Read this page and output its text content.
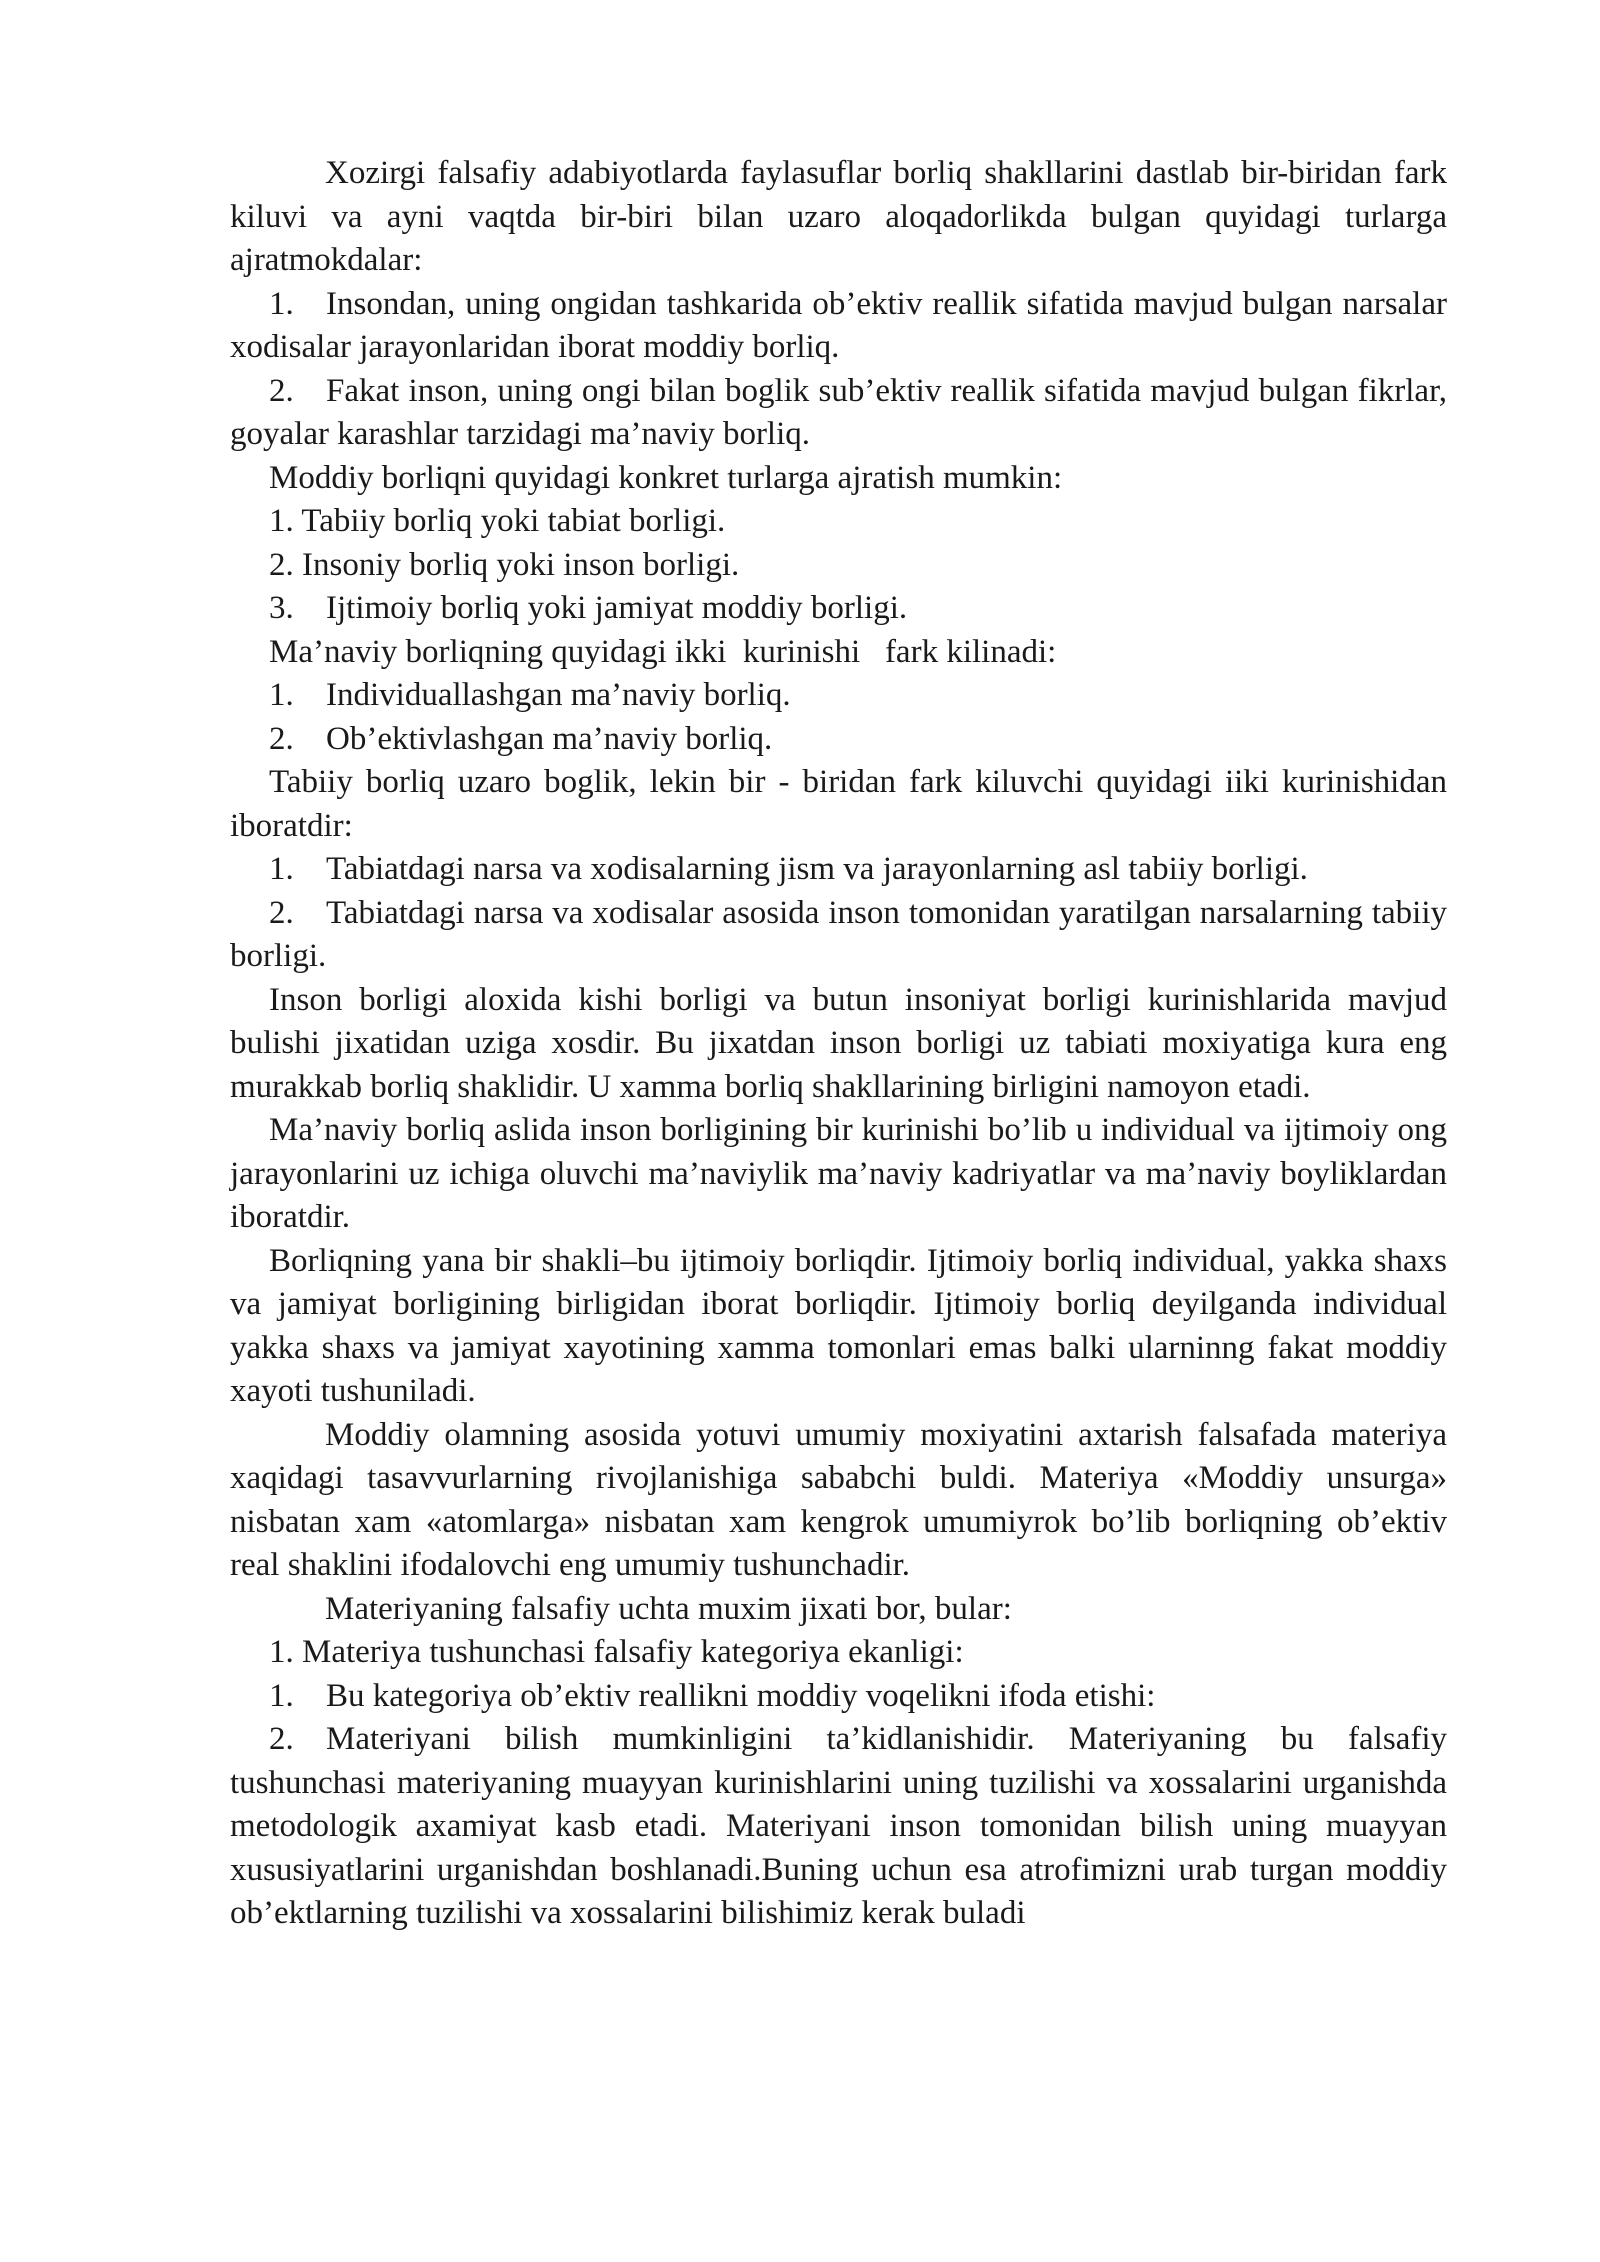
Xozirgi falsafiy adabiyotlarda faylasuflar borliq shakllarini dastlab bir-biridan fark kiluvi va ayni vaqtda bir-biri bilan uzaro aloqadorlikda bulgan quyidagi turlarga ajratmokdalar:

1. Insondan, uning ongidan tashkarida ob’ektiv reallik sifatida mavjud bulgan narsalar xodisalar jarayonlaridan iborat moddiy borliq.

2. Fakat inson, uning ongi bilan boglik sub’ektiv reallik sifatida mavjud bulgan fikrlar, goyalar karashlar tarzidagi ma’naviy borliq.

Moddiy borliqni quyidagi konkret turlarga ajratish mumkin:

1. Tabiiy borliq yoki tabiat borligi.

2. Insoniy borliq yoki inson borligi.

3. Ijtimoiy borliq yoki jamiyat moddiy borligi.

Ma’naviy borliqning quyidagi ikki  kurinishi   fark kilinadi:

1. Individuallashgan ma’naviy borliq.

2. Ob’ektivlashgan ma’naviy borliq.

Tabiiy borliq uzaro boglik, lekin bir - biridan fark kiluvchi quyidagi iiki kurinishidan iboratdir:

1. Tabiatdagi narsa va xodisalarning jism va jarayonlarning asl tabiiy borligi.

2. Tabiatdagi narsa va xodisalar asosida inson tomonidan yaratilgan narsalarning tabiiy borligi.

Inson borligi aloxida kishi borligi va butun insoniyat borligi kurinishlarida mavjud bulishi jixatidan uziga xosdir. Bu jixatdan inson borligi uz tabiati moxiyatiga kura eng murakkab borliq shaklidir. U xamma borliq shakllarining birligini namoyon etadi.

Ma’naviy borliq aslida inson borligining bir kurinishi bo’lib u individual va ijtimoiy ong jarayonlarini uz ichiga oluvchi ma’naviylik ma’naviy kadriyatlar va ma’naviy boyliklardan iboratdir.

Borliqning yana bir shakli–bu ijtimoiy borliqdir. Ijtimoiy borliq individual, yakka shaxs va jamiyat borligining birligidan iborat borliqdir. Ijtimoiy borliq deyilganda individual yakka shaxs va jamiyat xayotining xamma tomonlari emas balki ularninng fakat moddiy xayoti tushuniladi.

Moddiy olamning asosida yotuvi umumiy moxiyatini axtarish falsafada materiya xaqidagi tasavvurlarning rivojlanishiga sababchi buldi. Materiya «Moddiy unsurga» nisbatan xam «atomlarga» nisbatan xam kengrok umumiyrok bo’lib borliqning ob’ektiv real shaklini ifodalovchi eng umumiy tushunchadir.

Materiyaning falsafiy uchta muxim jixati bor, bular:

1. Materiya tushunchasi falsafiy kategoriya ekanligi:

1. Bu kategoriya ob’ektiv reallikni moddiy voqelikni ifoda etishi:

2. Materiyani bilish mumkinligini ta’kidlanishidir. Materiyaning bu falsafiy tushunchasi materiyaning muayyan kurinishlarini uning tuzilishi va xossalarini urganishda metodologik axamiyat kasb etadi. Materiyani inson tomonidan bilish uning muayyan xususiyatlarini urganishdan boshlanadi.Buning uchun esa atrofimizni urab turgan moddiy ob’ektlarning tuzilishi va xossalarini bilishimiz kerak buladi
